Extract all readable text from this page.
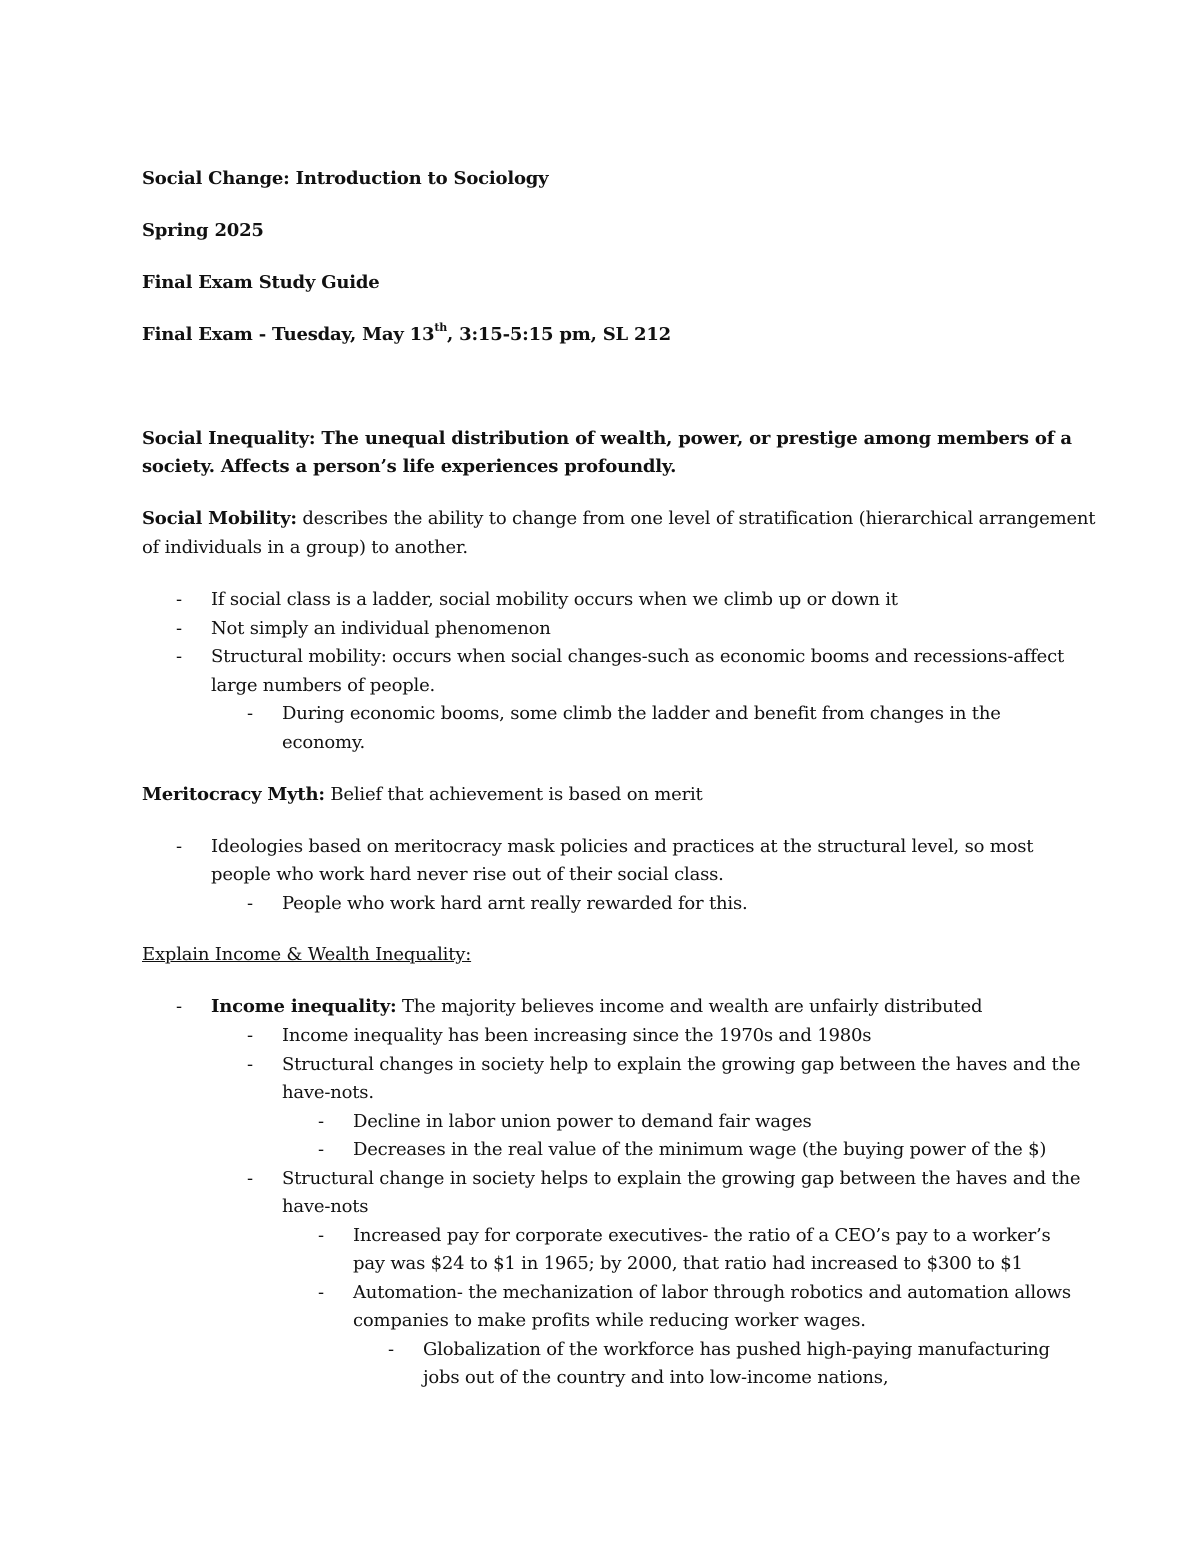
Social Change: Introduction to Sociology
Spring 2025
Final Exam Study Guide
Final Exam - Tuesday, May 13th, 3:15-5:15 pm, SL 212
Social Inequality: The unequal distribution of wealth, power, or prestige among members of a
society. Affects a person’s life experiences profoundly.
Social Mobility: describes the ability to change from one level of stratification (hierarchical arrangement
of individuals in a group) to another.
- If social class is a ladder, social mobility occurs when we climb up or down it
- Not simply an individual phenomenon
- Structural mobility: occurs when social changes-such as economic booms and recessions-affect
large numbers of people.
- During economic booms, some climb the ladder and benefit from changes in the
economy.
Meritocracy Myth: Belief that achievement is based on merit
- Ideologies based on meritocracy mask policies and practices at the structural level, so most
people who work hard never rise out of their social class.
- People who work hard arnt really rewarded for this.
Explain Income & Wealth Inequality:
- Income inequality: The majority believes income and wealth are unfairly distributed
- Income inequality has been increasing since the 1970s and 1980s
- Structural changes in society help to explain the growing gap between the haves and the
have-nots.
- Decline in labor union power to demand fair wages
- Decreases in the real value of the minimum wage (the buying power of the $)
- Structural change in society helps to explain the growing gap between the haves and the
have-nots
- Increased pay for corporate executives- the ratio of a CEO’s pay to a worker’s
pay was $24 to $1 in 1965; by 2000, that ratio had increased to $300 to $1
- Automation- the mechanization of labor through robotics and automation allows
companies to make profits while reducing worker wages.
- Globalization of the workforce has pushed high-paying manufacturing
jobs out of the country and into low-income nations,
